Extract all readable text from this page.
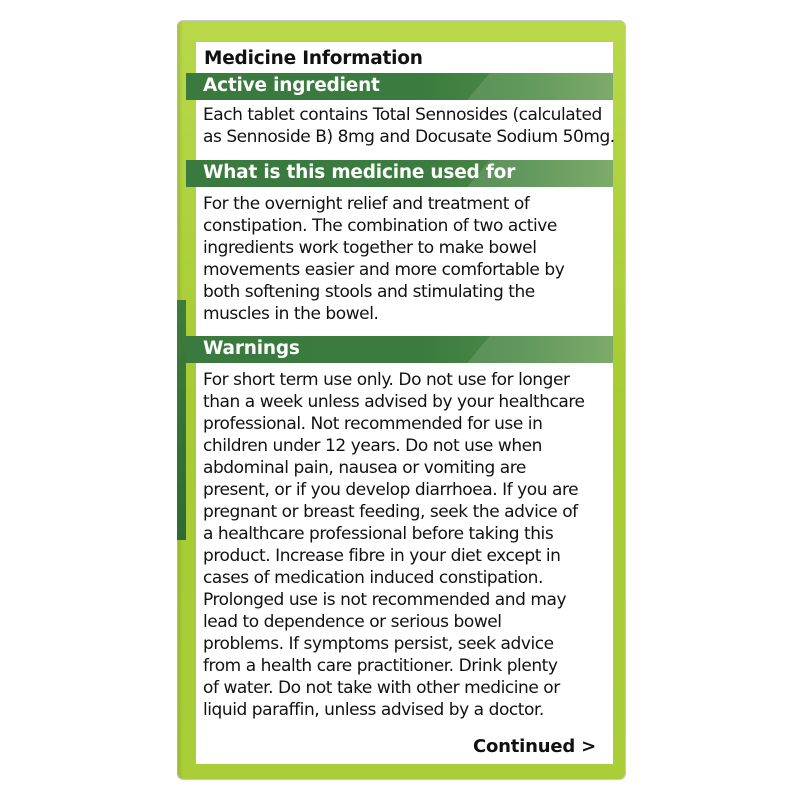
Medicine Information
Active ingredient

Each tablet contains Total Sennosides (calculated
as Sennoside B) 8mg and Docusate Sodium 50mg.

What is this medicine used for

For the overnight relief and treatment of
constipation. The combination of two active
ingredients work together to make bowel
movements easier and more comfortable by
both softening stools and stimulating the
muscles in the bowel.

Warnings

For short term use only. Do not use for longer
than a week unless advised by your healthcare
professional. Not recommended for use in
children under 12 years. Do not use when
abdominal pain, nausea or vomiting are
present, or if you develop diarrhoea. If you are
pregnant or breast feeding, seek the advice of
a healthcare professional before taking this
product. Increase fibre in your diet except in
cases of medication induced constipation.
Prolonged use is not recommended and may
lead to dependence or serious bowel
problems. If symptoms persist, seek advice
from a health care practitioner. Drink plenty
of water. Do not take with other medicine or
liquid paraffin, unless advised by a doctor.

Continued >
